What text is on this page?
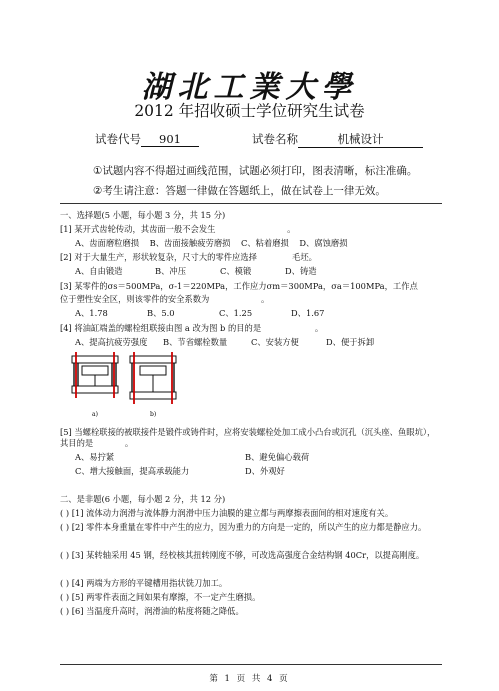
湖北工業大學
2012 年招收硕士学位研究生试卷
试卷代号 901	试卷名称	机械设计
①试题内容不得超过画线范围，试题必须打印，图表清晰，标注准确。
②考生请注意：答题一律做在答题纸上，做在试卷上一律无效。
一、选择题(5 小题，每小题 3 分，共 15 分)
[1] 某开式齿轮传动，其齿面一般不会发生	。
A、齿面磨粒磨损 B、齿面接触疲劳磨损 C、粘着磨损 D、腐蚀磨损
[2] 对于大量生产，形状较复杂，尺寸大的零件应选择	毛坯。
A、自由锻造	B、冲压	C、模锻	D、铸造
[3] 某零件的σs＝500MPa，σ-1＝220MPa，工作应力σm＝300MPa，σa＝100MPa，工作点
位于塑性安全区，则该零件的安全系数为	。
A、1.78	B、5.0	C、1.25	D、1.67
[4] 将油缸端盖的螺栓组联接由图 a 改为图 b 的目的是	。
A、提高抗疲劳强度 B、节省螺栓数量	C、安装方便	D、便于拆卸
a)	b)
[5] 当螺栓联接的被联接件是锻件或铸件时，应将安装螺栓处加工成小凸台或沉孔（沉头座、鱼眼坑），其目的是	。
A、易拧紧	B、避免偏心载荷
C、增大接触面，提高承载能力	D、外观好
二、是非题(6 小题，每小题 2 分，共 12 分)
( ) [1] 流体动力润滑与流体静力润滑中压力油膜的建立都与两摩擦表面间的相对速度有关。
( ) [2] 零件本身重量在零件中产生的应力，因为重力的方向是一定的，所以产生的应力都是静应力。
( ) [3] 某转轴采用 45 钢，经校核其扭转刚度不够，可改选高强度合金结构钢 40Cr，以提高刚度。
( ) [4] 两端为方形的平键槽用指状铣刀加工。
( ) [5] 两零件表面之间如果有摩擦，不一定产生磨损。
( ) [6] 当温度升高时，润滑油的粘度将随之降低。
第 1 页 共 4 页
